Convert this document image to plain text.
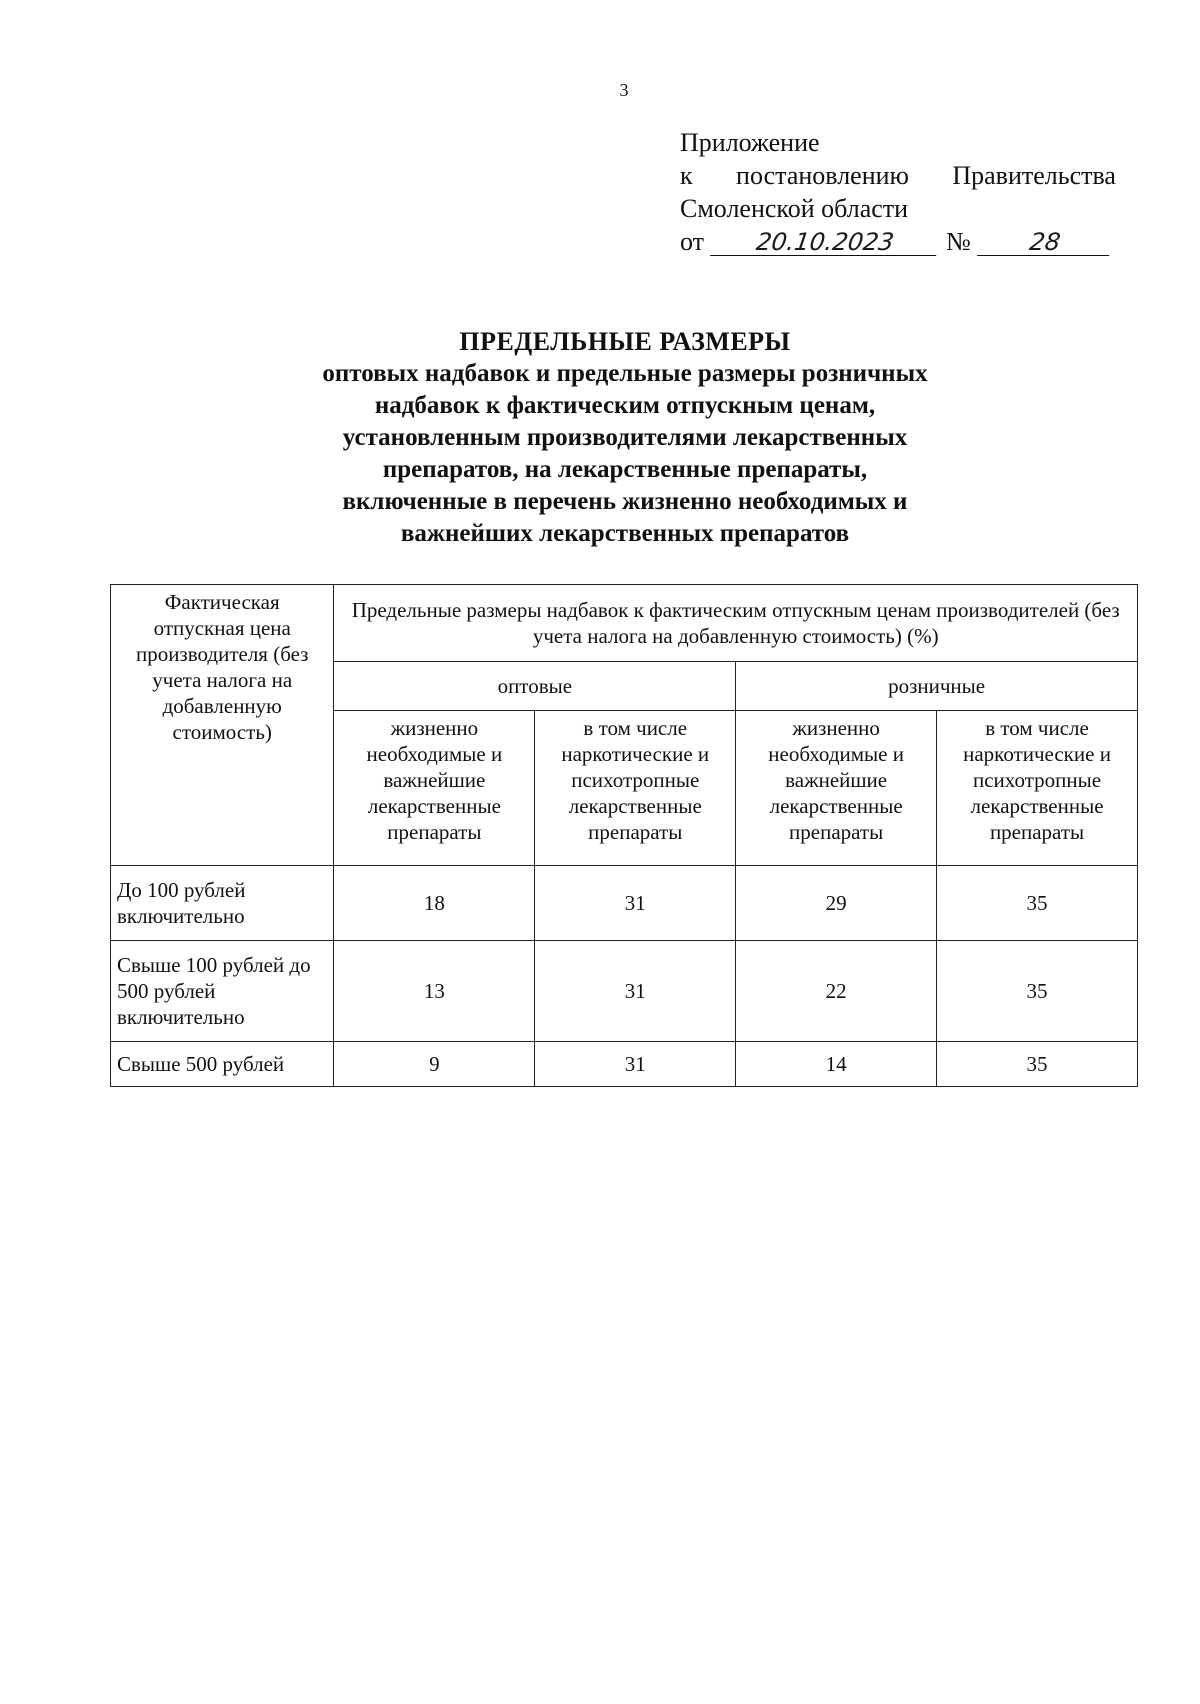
3
Приложение
к постановлению Правительства
Смоленской области
от	20.10.2023	№	28
ПРЕДЕЛЬНЫЕ РАЗМЕРЫ
оптовых надбавок и предельные размеры розничных
надбавок к фактическим отпускным ценам,
установленным производителями лекарственных
препаратов, на лекарственные препараты,
включенные в перечень жизненно необходимых и
важнейших лекарственных препаратов
Фактическая отпускная цена производителя (без учета налога на добавленную стоимость)	Предельные размеры надбавок к фактическим отпускным ценам производителей (без учета налога на добавленную стоимость) (%)			
	оптовые		розничные	
	жизненно необходимые и важнейшие лекарственные препараты	в том числе наркотические и психотропные лекарственные препараты	жизненно необходимые и важнейшие лекарственные препараты	в том числе наркотические и психотропные лекарственные препараты
До 100 рублей включительно	18	31	29	35
Свыше 100 рублей до 500 рублей включительно	13	31	22	35
Свыше 500 рублей	9	31	14	35
